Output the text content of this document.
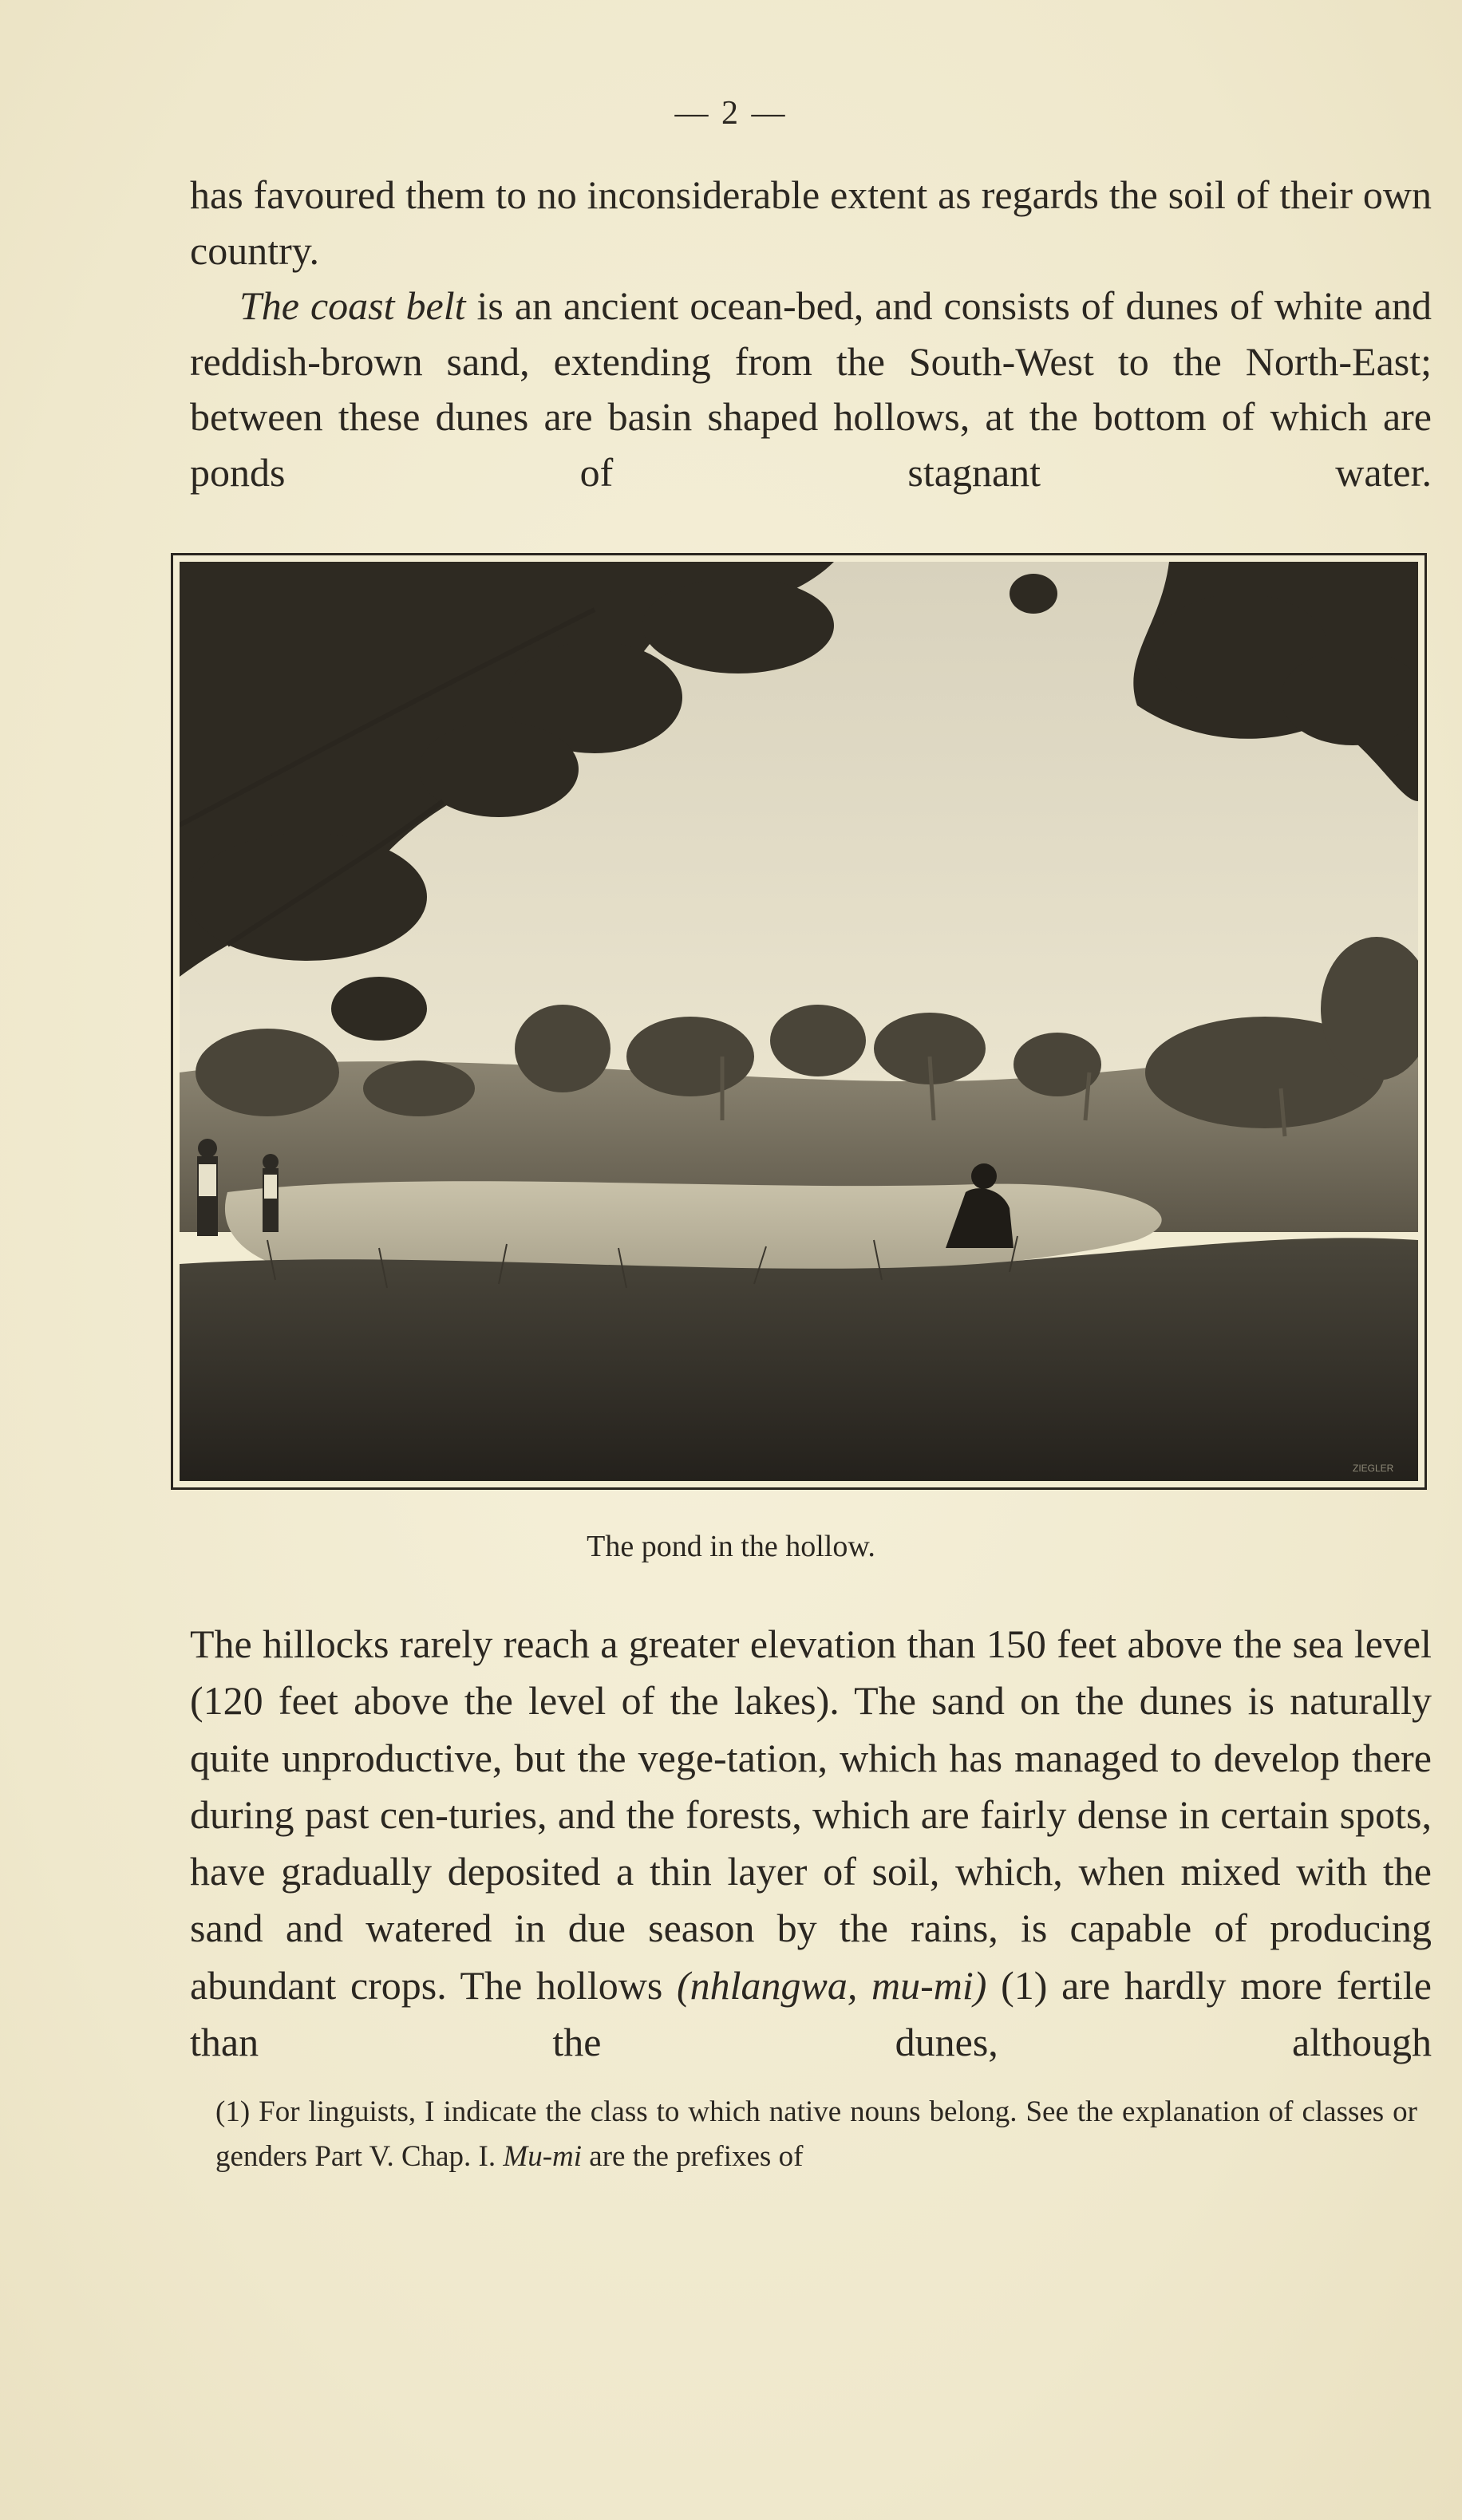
— 2 —

has favoured them to no inconsiderable extent as regards the soil of their own country.

The coast belt is an ancient ocean-bed, and consists of dunes of white and reddish-brown sand, extending from the South-West to the North-East; between these dunes are basin shaped hollows, at the bottom of which are ponds of stagnant water.

ZIEGLER
The pond in the hollow.

The hillocks rarely reach a greater elevation than 150 feet above the sea level (120 feet above the level of the lakes). The sand on the dunes is naturally quite unproductive, but the vege-tation, which has managed to develop there during past cen-turies, and the forests, which are fairly dense in certain spots, have gradually deposited a thin layer of soil, which, when mixed with the sand and watered in due season by the rains, is capable of producing abundant crops. The hollows (nhlangwa, mu-mi) (1) are hardly more fertile than the dunes, although

(1) For linguists, I indicate the class to which native nouns belong. See the explanation of classes or genders Part V. Chap. I. Mu-mi are the prefixes of
